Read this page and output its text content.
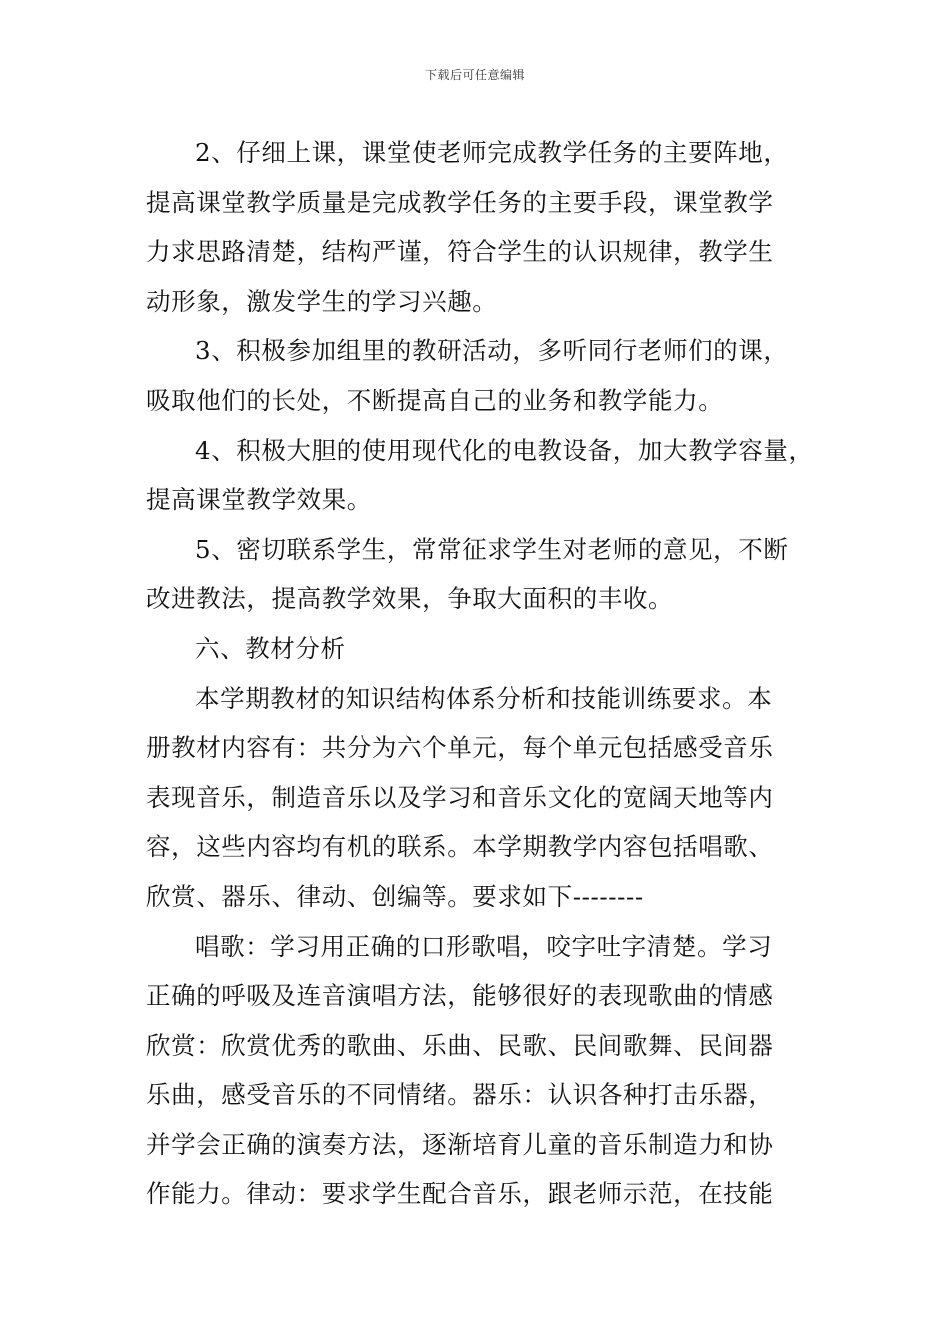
下载后可任意编辑

2、仔细上课，课堂使老师完成教学任务的主要阵地，
提高课堂教学质量是完成教学任务的主要手段，课堂教学
力求思路清楚，结构严谨，符合学生的认识规律，教学生
动形象，激发学生的学习兴趣。

3、积极参加组里的教研活动，多听同行老师们的课，
吸取他们的长处，不断提高自己的业务和教学能力。

4、积极大胆的使用现代化的电教设备，加大教学容量，
提高课堂教学效果。

5、密切联系学生，常常征求学生对老师的意见，不断
改进教法，提高教学效果，争取大面积的丰收。

六、教材分析

本学期教材的知识结构体系分析和技能训练要求。本
册教材内容有：共分为六个单元，每个单元包括感受音乐
表现音乐，制造音乐以及学习和音乐文化的宽阔天地等内
容，这些内容均有机的联系。本学期教学内容包括唱歌、
欣赏、器乐、律动、创编等。要求如下--------

唱歌：学习用正确的口形歌唱，咬字吐字清楚。学习
正确的呼吸及连音演唱方法，能够很好的表现歌曲的情感
欣赏：欣赏优秀的歌曲、乐曲、民歌、民间歌舞、民间器
乐曲，感受音乐的不同情绪。器乐：认识各种打击乐器，
并学会正确的演奏方法，逐渐培育儿童的音乐制造力和协
作能力。律动：要求学生配合音乐，跟老师示范，在技能
